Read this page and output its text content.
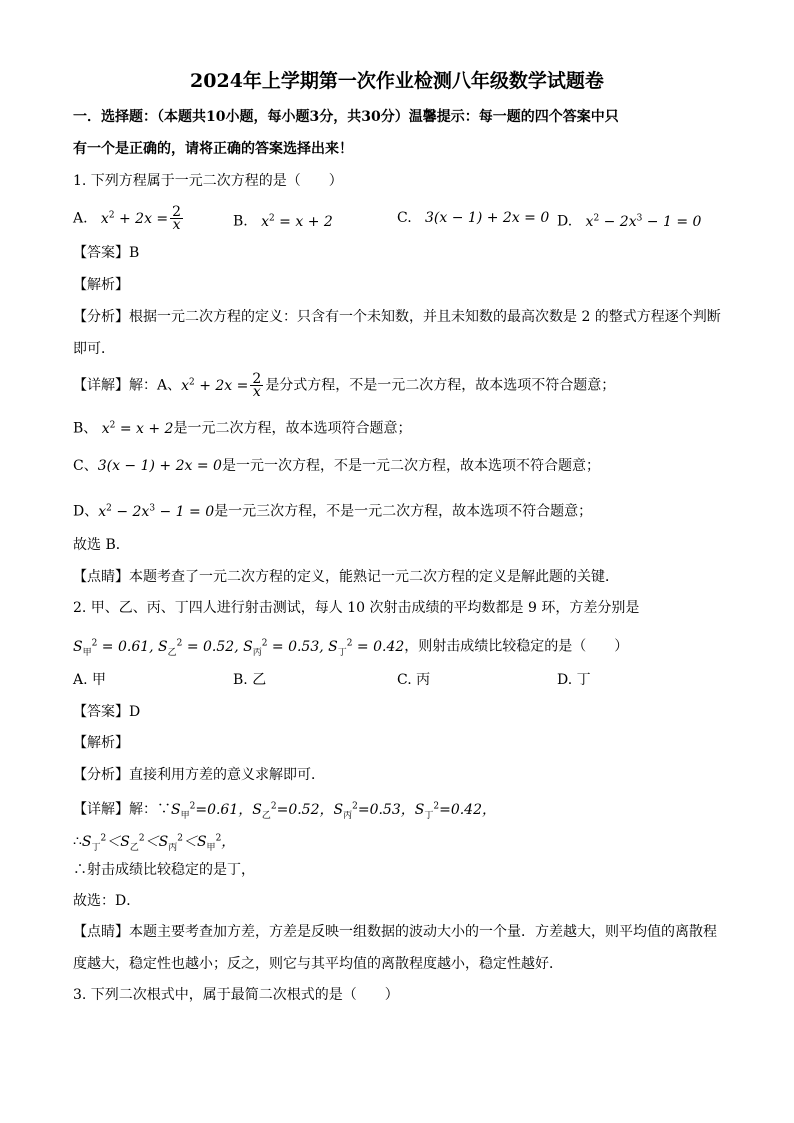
2024年上学期第一次作业检测八年级数学试题卷
一．选择题：（本题共10小题，每小题3分，共30分）温馨提示：每一题的四个答案中只
有一个是正确的，请将正确的答案选择出来！
1. 下列方程属于一元二次方程的是（　　）
A.   $x^2 + 2x = \frac{2}{x}$	B.   $x^2 = x + 2$	C.   3(x − 1) + 2x = 0 D.   $x^2 - 2x^3 - 1 = 0$
【答案】B
【解析】
【分析】根据一元二次方程的定义：只含有一个未知数，并且未知数的最高次数是 2 的整式方程逐个判断
即可．
【详解】解：A、$x^2 + 2x = \frac{2}{x}$ 是分式方程，不是一元二次方程，故本选项不符合题意；
B、 $x^2 = x + 2$是一元二次方程，故本选项符合题意；
C、3(x − 1) + 2x = 0是一元一次方程，不是一元二次方程，故本选项不符合题意；
D、$x^2 - 2x^3 - 1 = 0$是一元三次方程，不是一元二次方程，故本选项不符合题意；
故选 B．
【点睛】本题考查了一元二次方程的定义，能熟记一元二次方程的定义是解此题的关键．
2. 甲、乙、丙、丁四人进行射击测试，每人 10 次射击成绩的平均数都是 9 环，方差分别是
$S_甲^2 = 0.61$, $S_乙^2 = 0.52$, $S_丙^2 = 0.53$, $S_丁^2 = 0.42$，则射击成绩比较稳定的是（　　）
A. 甲	B. 乙	C. 丙	D. 丁
【答案】D
【解析】
【分析】直接利用方差的意义求解即可．
【详解】解：$\because S_甲^2=0.61$，$S_乙^2=0.52$，$S_丙^2=0.53$，$S_丁^2=0.42$，
$\therefore S_丁^2<S_乙^2<S_丙^2<S_甲^2$，
∴射击成绩比较稳定的是丁，
故选：D．
【点睛】本题主要考查加方差，方差是反映一组数据的波动大小的一个量．方差越大，则平均值的离散程
度越大，稳定性也越小；反之，则它与其平均值的离散程度越小，稳定性越好．
3. 下列二次根式中，属于最简二次根式的是（　　）
